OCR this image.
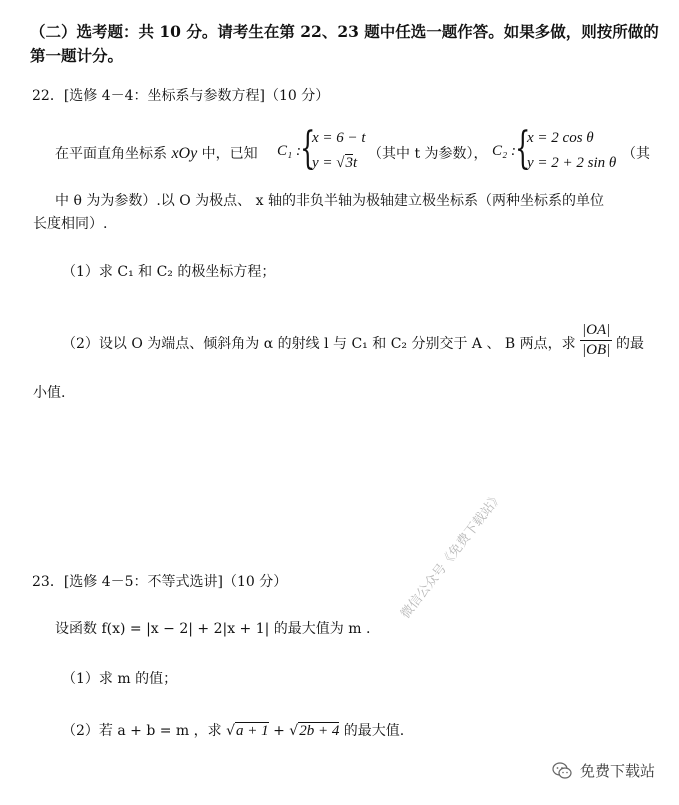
（二）选考题：共 10 分。请考生在第 22、23 题中任选一题作答。如果多做，则按所做的
第一题计分。
22．[选修 4－4：坐标系与参数方程]（10 分）
在平面直角坐标系 xOy 中，已知 C₁ : {
x = 6 − t
y = √3t
（其中 t 为参数）， C₂ : {
x = 2 cos θ
y = 2 + 2 sin θ
（其
中 θ 为为参数）.以 O 为极点、 x 轴的非负半轴为极轴建立极坐标系（两种坐标系的单位
长度相同）.
（1）求 C₁ 和 C₂ 的极坐标方程；
（2）设以 O 为端点、倾斜角为 α 的射线 l 与 C₁ 和 C₂ 分别交于 A 、 B 两点，求 $\frac{|OA|}{|OB|}$ 的最
小值.
23．[选修 4－5：不等式选讲]（10 分）
设函数 f(x) = |x − 2| + 2|x + 1| 的最大值为 m .
（1）求 m 的值；
（2）若 a + b = m ，求 √a + 1 + √2b + 4 的最大值.
微信公众号《免费下载站》
免费下载站
